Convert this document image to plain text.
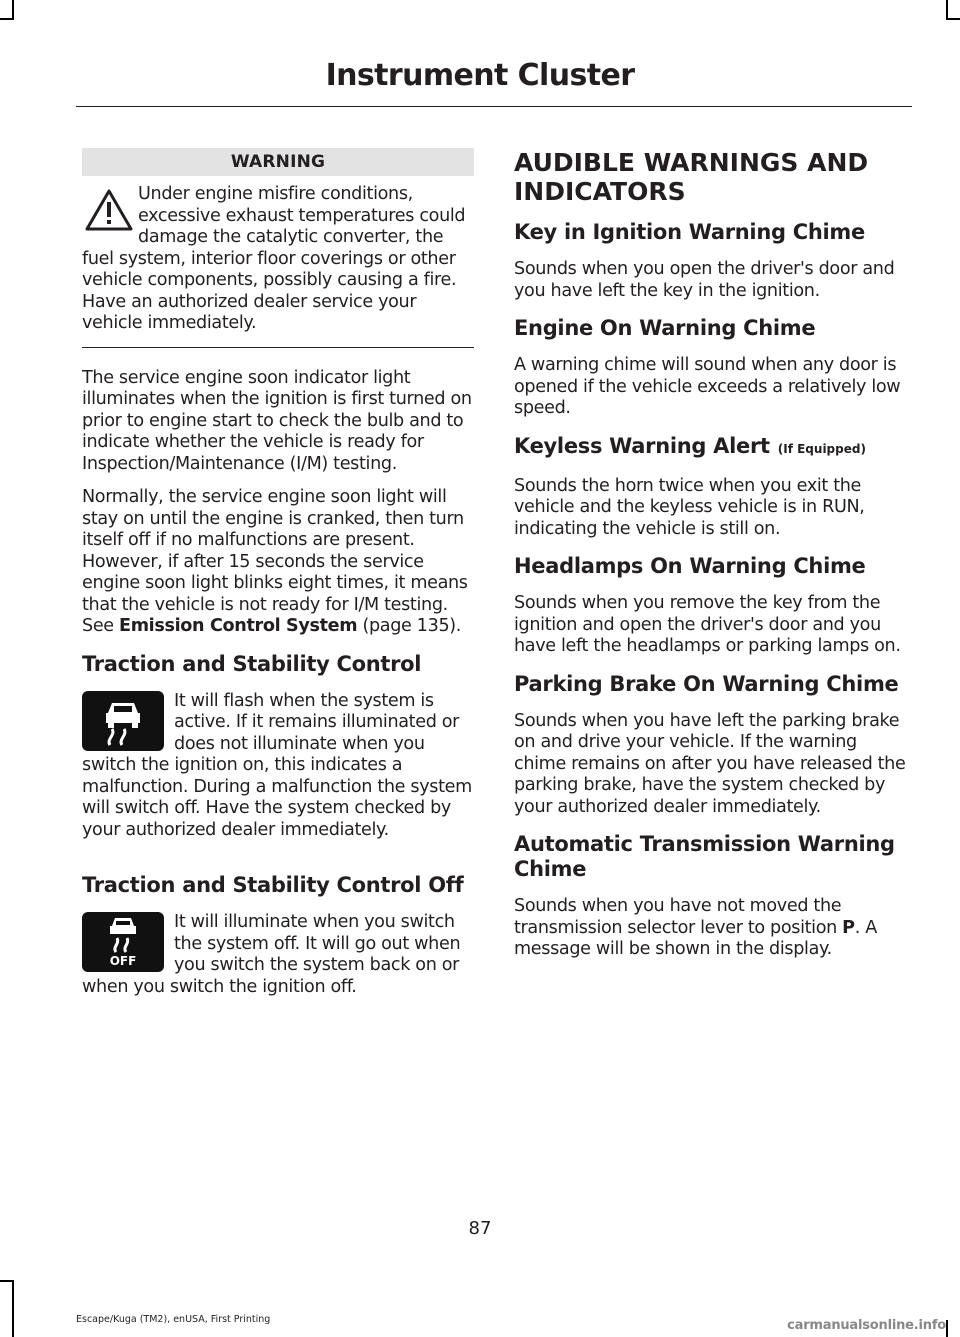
Instrument Cluster
WARNING

Under engine misfire conditions, excessive exhaust temperatures could damage the catalytic converter, the fuel system, interior floor coverings or other vehicle components, possibly causing a fire. Have an authorized dealer service your vehicle immediately.

The service engine soon indicator light illuminates when the ignition is first turned on prior to engine start to check the bulb and to indicate whether the vehicle is ready for Inspection/Maintenance (I/M) testing.

Normally, the service engine soon light will stay on until the engine is cranked, then turn itself off if no malfunctions are present. However, if after 15 seconds the service engine soon light blinks eight times, it means that the vehicle is not ready for I/M testing. See Emission Control System (page 135).

Traction and Stability Control

It will flash when the system is active. If it remains illuminated or does not illuminate when you switch the ignition on, this indicates a malfunction. During a malfunction the system will switch off. Have the system checked by your authorized dealer immediately.

Traction and Stability Control Off
OFF

It will illuminate when you switch the system off. It will go out when you switch the system back on or when you switch the ignition off.

AUDIBLE WARNINGS AND INDICATORS
Key in Ignition Warning Chime

Sounds when you open the driver's door and you have left the key in the ignition.

Engine On Warning Chime

A warning chime will sound when any door is opened if the vehicle exceeds a relatively low speed.

Keyless Warning Alert (If Equipped)

Sounds the horn twice when you exit the vehicle and the keyless vehicle is in RUN, indicating the vehicle is still on.

Headlamps On Warning Chime

Sounds when you remove the key from the ignition and open the driver's door and you have left the headlamps or parking lamps on.

Parking Brake On Warning Chime

Sounds when you have left the parking brake on and drive your vehicle. If the warning chime remains on after you have released the parking brake, have the system checked by your authorized dealer immediately.

Automatic Transmission Warning Chime

Sounds when you have not moved the transmission selector lever to position P. A message will be shown in the display.

87
Escape/Kuga (TM2), enUSA, First Printing	carmanualsonline.info
